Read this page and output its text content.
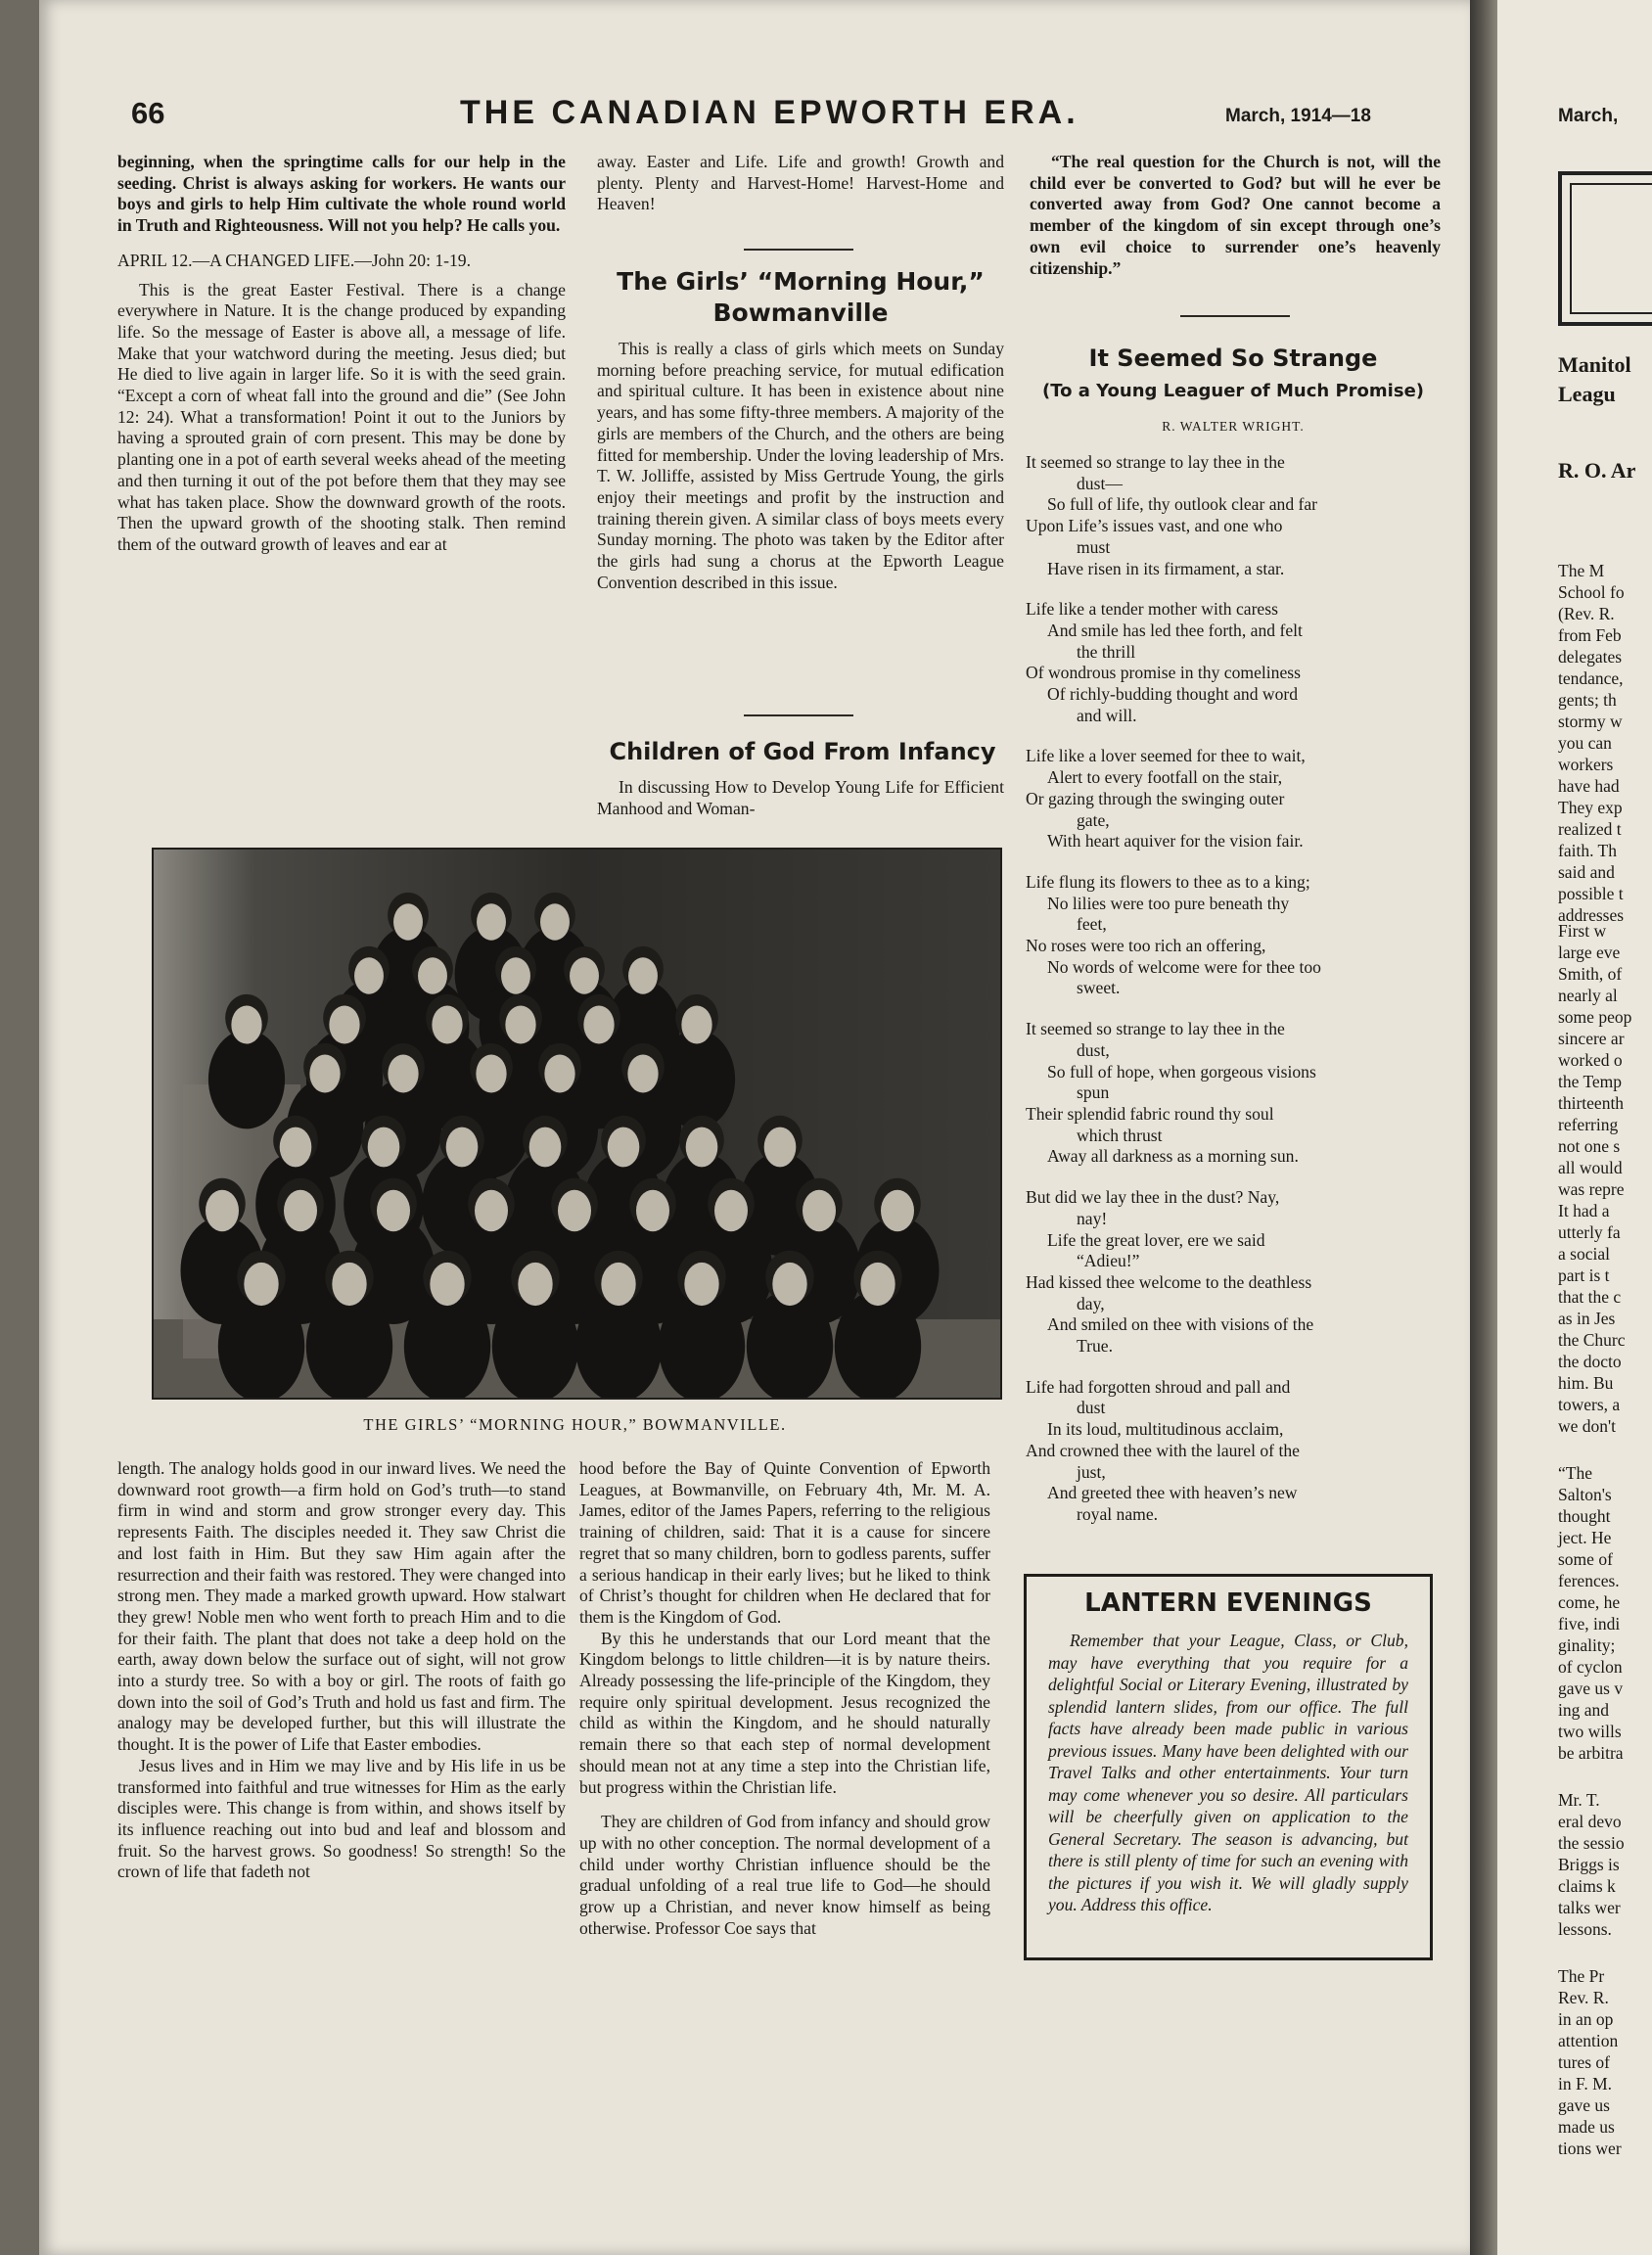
66	THE CANADIAN EPWORTH ERA.	March, 1914—18

beginning, when the springtime calls for our help in the seeding. Christ is always asking for workers. He wants our boys and girls to help Him cultivate the whole round world in Truth and Righteousness. Will not you help? He calls you.

APRIL 12.—A CHANGED LIFE.—John 20: 1-19.

This is the great Easter Festival. There is a change everywhere in Nature. It is the change produced by expanding life. So the message of Easter is above all, a message of life. Make that your watchword during the meeting. Jesus died; but He died to live again in larger life. So it is with the seed grain. “Except a corn of wheat fall into the ground and die” (See John 12: 24). What a transformation! Point it out to the Juniors by having a sprouted grain of corn present. This may be done by planting one in a pot of earth several weeks ahead of the meeting and then turning it out of the pot before them that they may see what has taken place. Show the downward growth of the roots. Then the upward growth of the shooting stalk. Then remind them of the outward growth of leaves and ear at

away. Easter and Life. Life and growth! Growth and plenty. Plenty and Harvest-Home! Harvest-Home and Heaven!

The Girls’ “Morning Hour,” Bowmanville

This is really a class of girls which meets on Sunday morning before preaching service, for mutual edification and spiritual culture. It has been in existence about nine years, and has some fifty-three members. A majority of the girls are members of the Church, and the others are being fitted for membership. Under the loving leadership of Mrs. T. W. Jolliffe, assisted by Miss Gertrude Young, the girls enjoy their meetings and profit by the instruction and training therein given. A similar class of boys meets every Sunday morning. The photo was taken by the Editor after the girls had sung a chorus at the Epworth League Convention described in this issue.

Children of God From Infancy

In discussing How to Develop Young Life for Efficient Manhood and Woman-

“The real question for the Church is not, will the child ever be converted to God? but will he ever be converted away from God? One cannot become a member of the kingdom of sin except through one’s own evil choice to surrender one’s heavenly citizenship.”

It Seemed So Strange
(To a Young Leaguer of Much Promise)
R. WALTER WRIGHT.
It seemed so strange to lay thee in the
dust—
So full of life, thy outlook clear and far
Upon Life’s issues vast, and one who
must
Have risen in its firmament, a star.
Life like a tender mother with caress
And smile has led thee forth, and felt
the thrill
Of wondrous promise in thy comeliness
Of richly-budding thought and word
and will.
Life like a lover seemed for thee to wait,
Alert to every footfall on the stair,
Or gazing through the swinging outer
gate,
With heart aquiver for the vision fair.
Life flung its flowers to thee as to a king;
No lilies were too pure beneath thy
feet,
No roses were too rich an offering,
No words of welcome were for thee too
sweet.
It seemed so strange to lay thee in the
dust,
So full of hope, when gorgeous visions
spun
Their splendid fabric round thy soul
which thrust
Away all darkness as a morning sun.
But did we lay thee in the dust? Nay,
nay!
Life the great lover, ere we said
“Adieu!”
Had kissed thee welcome to the deathless
day,
And smiled on thee with visions of the
True.
Life had forgotten shroud and pall and
dust
In its loud, multitudinous acclaim,
And crowned thee with the laurel of the
just,
And greeted thee with heaven’s new
royal name.
THE GIRLS’ “MORNING HOUR,” BOWMANVILLE.

length. The analogy holds good in our inward lives. We need the downward root growth—a firm hold on God’s truth—to stand firm in wind and storm and grow stronger every day. This represents Faith. The disciples needed it. They saw Christ die and lost faith in Him. But they saw Him again after the resurrection and their faith was restored. They were changed into strong men. They made a marked growth upward. How stalwart they grew! Noble men who went forth to preach Him and to die for their faith. The plant that does not take a deep hold on the earth, away down below the surface out of sight, will not grow into a sturdy tree. So with a boy or girl. The roots of faith go down into the soil of God’s Truth and hold us fast and firm. The analogy may be developed further, but this will illustrate the thought. It is the power of Life that Easter embodies.

Jesus lives and in Him we may live and by His life in us be transformed into faithful and true witnesses for Him as the early disciples were. This change is from within, and shows itself by its influence reaching out into bud and leaf and blossom and fruit. So the harvest grows. So goodness! So strength! So the crown of life that fadeth not

hood before the Bay of Quinte Convention of Epworth Leagues, at Bowmanville, on February 4th, Mr. M. A. James, editor of the James Papers, referring to the religious training of children, said: That it is a cause for sincere regret that so many children, born to godless parents, suffer a serious handicap in their early lives; but he liked to think of Christ’s thought for children when He declared that for them is the Kingdom of God.

By this he understands that our Lord meant that the Kingdom belongs to little children—it is by nature theirs. Already possessing the life-principle of the Kingdom, they require only spiritual development. Jesus recognized the child as within the Kingdom, and he should naturally remain there so that each step of normal development should mean not at any time a step into the Christian life, but progress within the Christian life.

They are children of God from infancy and should grow up with no other conception. The normal development of a child under worthy Christian influence should be the gradual unfolding of a real true life to God—he should grow up a Christian, and never know himself as being otherwise. Professor Coe says that

LANTERN EVENINGS
Remember that your League, Class, or Club, may have everything that you require for a delightful Social or Literary Evening, illustrated by splendid lantern slides, from our office. The full facts have already been made public in various previous issues. Many have been delighted with our Travel Talks and other entertainments. Your turn may come whenever you so desire. All particulars will be cheerfully given on application to the General Secretary. The season is advancing, but there is still plenty of time for such an evening with the pictures if you wish it. We will gladly supply you. Address this office.
March,
Manitol
Leagu
R. O. Ar
The M
School fo
(Rev. R.
from Feb
delegates
tendance,
gents; th
stormy w
you can
workers
have had
They exp
realized t
faith. Th
said and
possible t
addresses
First w
large eve
Smith, of
nearly al
some peop
sincere ar
worked o
the Temp
thirteenth
referring
not one s
all would
was repre
It had a
utterly fa
a social
part is t
that the c
as in Jes
the Churc
the docto
him. Bu
towers, a
we don't
“The
Salton's
thought
ject. He
some of
ferences.
come, he
five, indi
ginality;
of cyclon
gave us v
ing and
two wills
be arbitra
Mr. T.
eral devo
the sessio
Briggs is
claims k
talks wer
lessons.
The Pr
Rev. R.
in an op
attention
tures of
in F. M.
gave us
made us
tions wer
